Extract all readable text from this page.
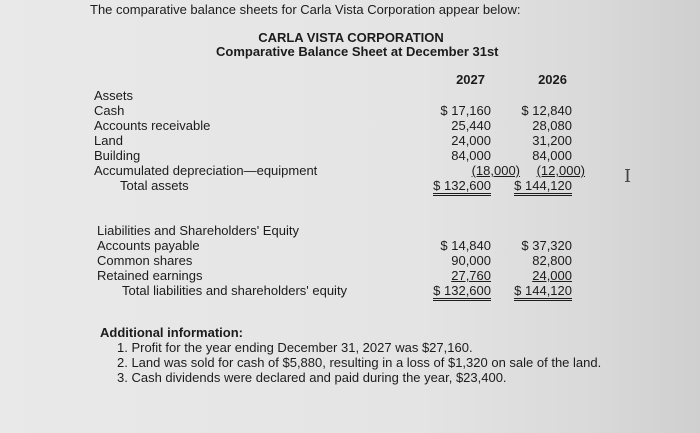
The comparative balance sheets for Carla Vista Corporation appear below:
CARLA VISTA CORPORATION
Comparative Balance Sheet at December 31st
2027	2026
Assets
Cash	$ 17,160	$ 12,840
Accounts receivable	25,440	28,080
Land	24,000	31,200
Building	84,000	84,000
Accumulated depreciation—equipment	(18,000)	(12,000)
Total assets	$ 132,600	$ 144,120
Liabilities and Shareholders' Equity
Accounts payable	$ 14,840	$ 37,320
Common shares	90,000	82,800
Retained earnings	27,760	24,000
Total liabilities and shareholders' equity	$ 132,600	$ 144,120
Additional information:
1. Profit for the year ending December 31, 2027 was $27,160.
2. Land was sold for cash of $5,880, resulting in a loss of $1,320 on sale of the land.
3. Cash dividends were declared and paid during the year, $23,400.
I
